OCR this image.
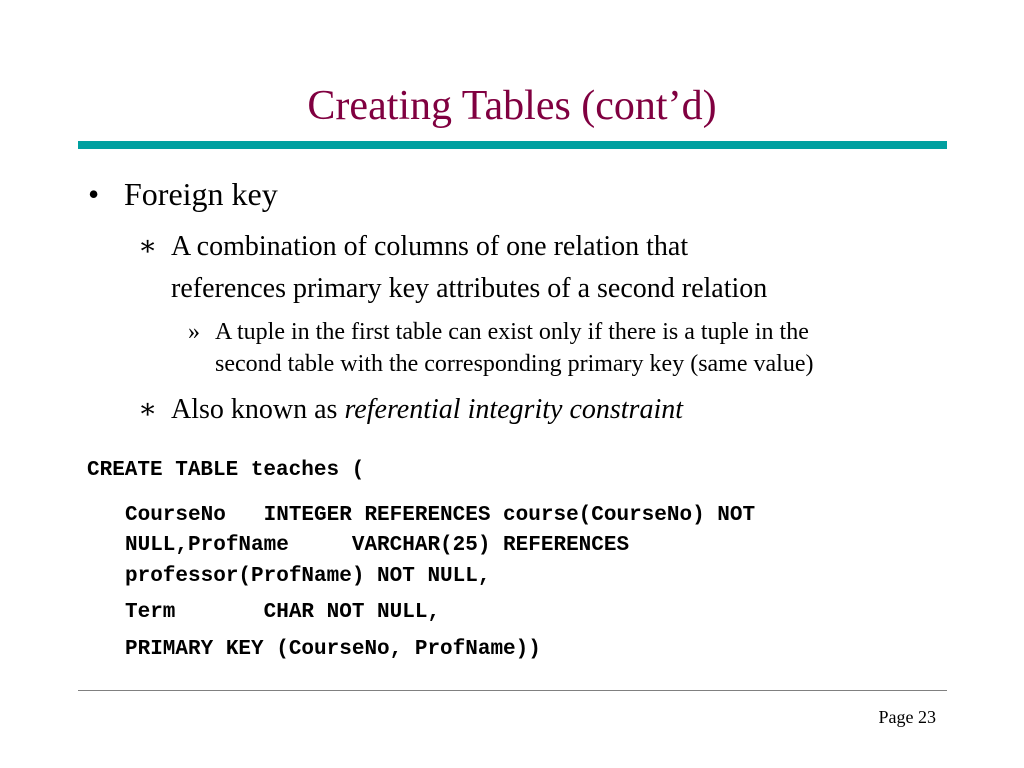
Creating Tables (cont’d)
• Foreign key
∗ A combination of columns of one relation that
references primary key attributes of a second relation
» A tuple in the first table can exist only if there is a tuple in the
second table with the corresponding primary key (same value)
∗ Also known as referential integrity constraint
CREATE TABLE teaches (
CourseNo   INTEGER REFERENCES course(CourseNo) NOT
NULL,ProfName     VARCHAR(25) REFERENCES
professor(ProfName) NOT NULL,
Term       CHAR NOT NULL,
PRIMARY KEY (CourseNo, ProfName))
Page 23
